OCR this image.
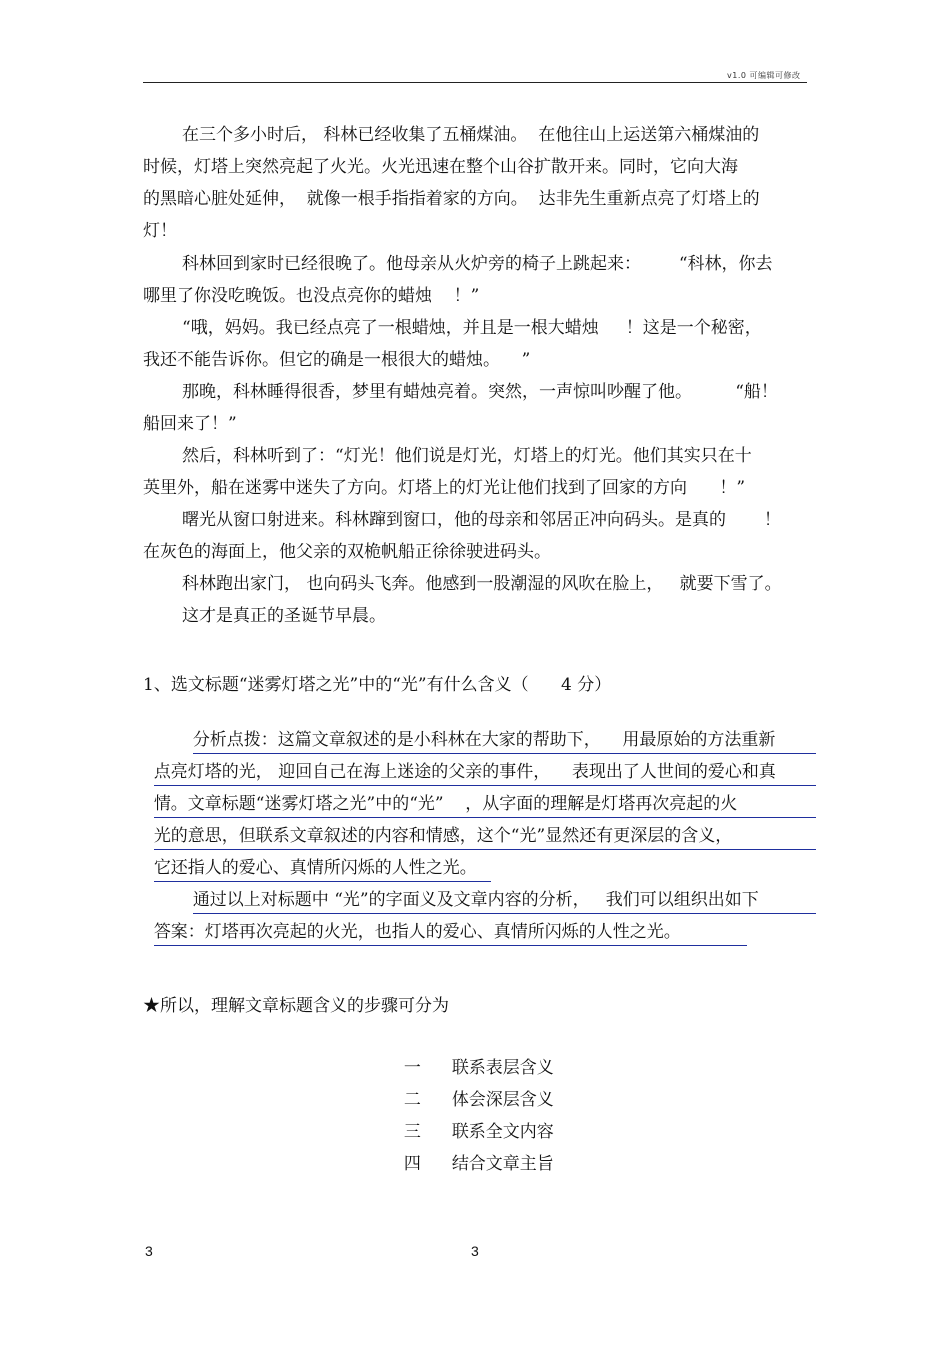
v1.0 可编辑可修改
在三个多小时后， 科林已经收集了五桶煤油。  在他往山上运送第六桶煤油的
时候，灯塔上突然亮起了火光。火光迅速在整个山谷扩散开来。同时，它向大海
的黑暗心脏处延伸，  就像一根手指指着家的方向。  达非先生重新点亮了灯塔上的
灯！
科林回到家时已经很晚了。他母亲从火炉旁的椅子上跳起来：       “科林，你去
哪里了你没吃晚饭。也没点亮你的蜡烛    ！”
“哦，妈妈。我已经点亮了一根蜡烛，并且是一根大蜡烛     ！这是一个秘密，
我还不能告诉你。但它的确是一根很大的蜡烛。    ”
那晚，科林睡得很香，梦里有蜡烛亮着。突然，一声惊叫吵醒了他。        “船！
船回来了！”
然后，科林听到了：“灯光！他们说是灯光，灯塔上的灯光。他们其实只在十
英里外，船在迷雾中迷失了方向。灯塔上的灯光让他们找到了回家的方向      ！”
曙光从窗口射进来。科林蹿到窗口，他的母亲和邻居正冲向码头。是真的       ！
在灰色的海面上，他父亲的双桅帆船正徐徐驶进码头。
科林跑出家门， 也向码头飞奔。他感到一股潮湿的风吹在脸上，   就要下雪了。
这才是真正的圣诞节早晨。
1、选文标题“迷雾灯塔之光”中的“光”有什么含义（      4 分）

分析点拨：这篇文章叙述的是小科林在大家的帮助下，    用最原始的方法重新

点亮灯塔的光， 迎回自己在海上迷途的父亲的事件，    表现出了人世间的爱心和真

情。文章标题“迷雾灯塔之光”中的“光”    ，从字面的理解是灯塔再次亮起的火

光的意思，但联系文章叙述的内容和情感，这个“光”显然还有更深层的含义，

它还指人的爱心、真情所闪烁的人性之光。

通过以上对标题中 “光”的字面义及文章内容的分析，   我们可以组织出如下

答案：灯塔再次亮起的火光，也指人的爱心、真情所闪烁的人性之光。

★所以，理解文章标题含义的步骤可分为

一 联系表层含义

二 体会深层含义

三 联系全文内容

四 结合文章主旨

3	3
